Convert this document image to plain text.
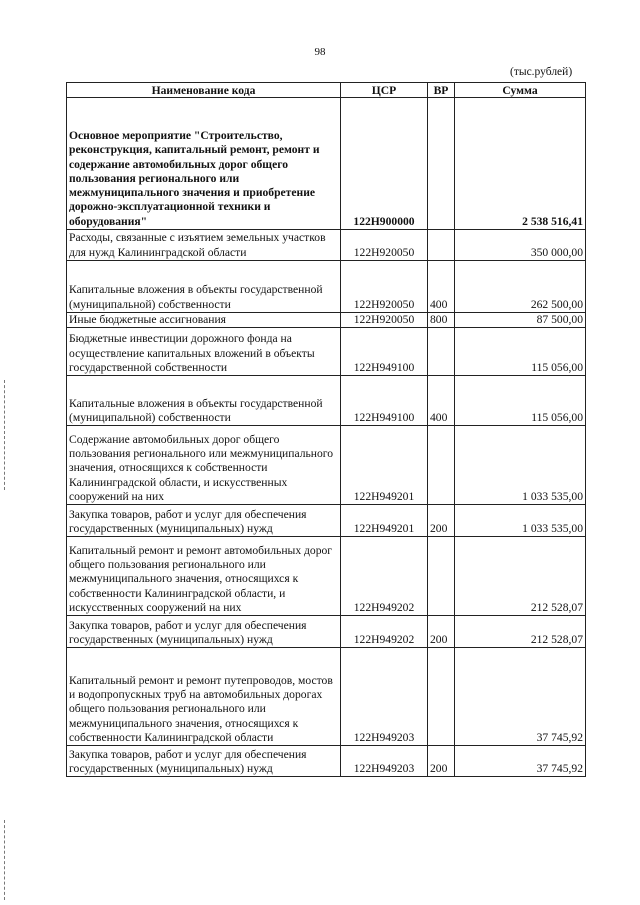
98
(тыс.рублей)
Наименование кода	ЦСР	ВР	Сумма
Основное мероприятие "Строительство, реконструкция, капитальный ремонт, ремонт и содержание автомобильных дорог общего пользования регионального или межмуниципального значения и приобретение дорожно-эксплуатационной техники и оборудования"	122Н900000		2 538 516,41
Расходы, связанные с изъятием земельных участков для нужд Калининградской области	122Н920050		350 000,00
Капитальные вложения в объекты государственной (муниципальной) собственности	122Н920050	400	262 500,00
Иные бюджетные ассигнования	122Н920050	800	87 500,00
Бюджетные инвестиции дорожного фонда на осуществление капитальных вложений в объекты государственной собственности	122Н949100		115 056,00
Капитальные вложения в объекты государственной (муниципальной) собственности	122Н949100	400	115 056,00
Содержание автомобильных дорог общего пользования регионального или межмуниципального значения, относящихся к собственности Калининградской области, и искусственных сооружений на них	122Н949201		1 033 535,00
Закупка товаров, работ и услуг для обеспечения государственных (муниципальных) нужд	122Н949201	200	1 033 535,00
Капитальный ремонт и ремонт автомобильных дорог общего пользования регионального или межмуниципального значения, относящихся к собственности Калининградской области, и искусственных сооружений на них	122Н949202		212 528,07
Закупка товаров, работ и услуг для обеспечения государственных (муниципальных) нужд	122Н949202	200	212 528,07
Капитальный ремонт и ремонт путепроводов, мостов и водопропускных труб на автомобильных дорогах общего пользования регионального или межмуниципального значения, относящихся к собственности Калининградской области	122Н949203		37 745,92
Закупка товаров, работ и услуг для обеспечения государственных (муниципальных) нужд	122Н949203	200	37 745,92
